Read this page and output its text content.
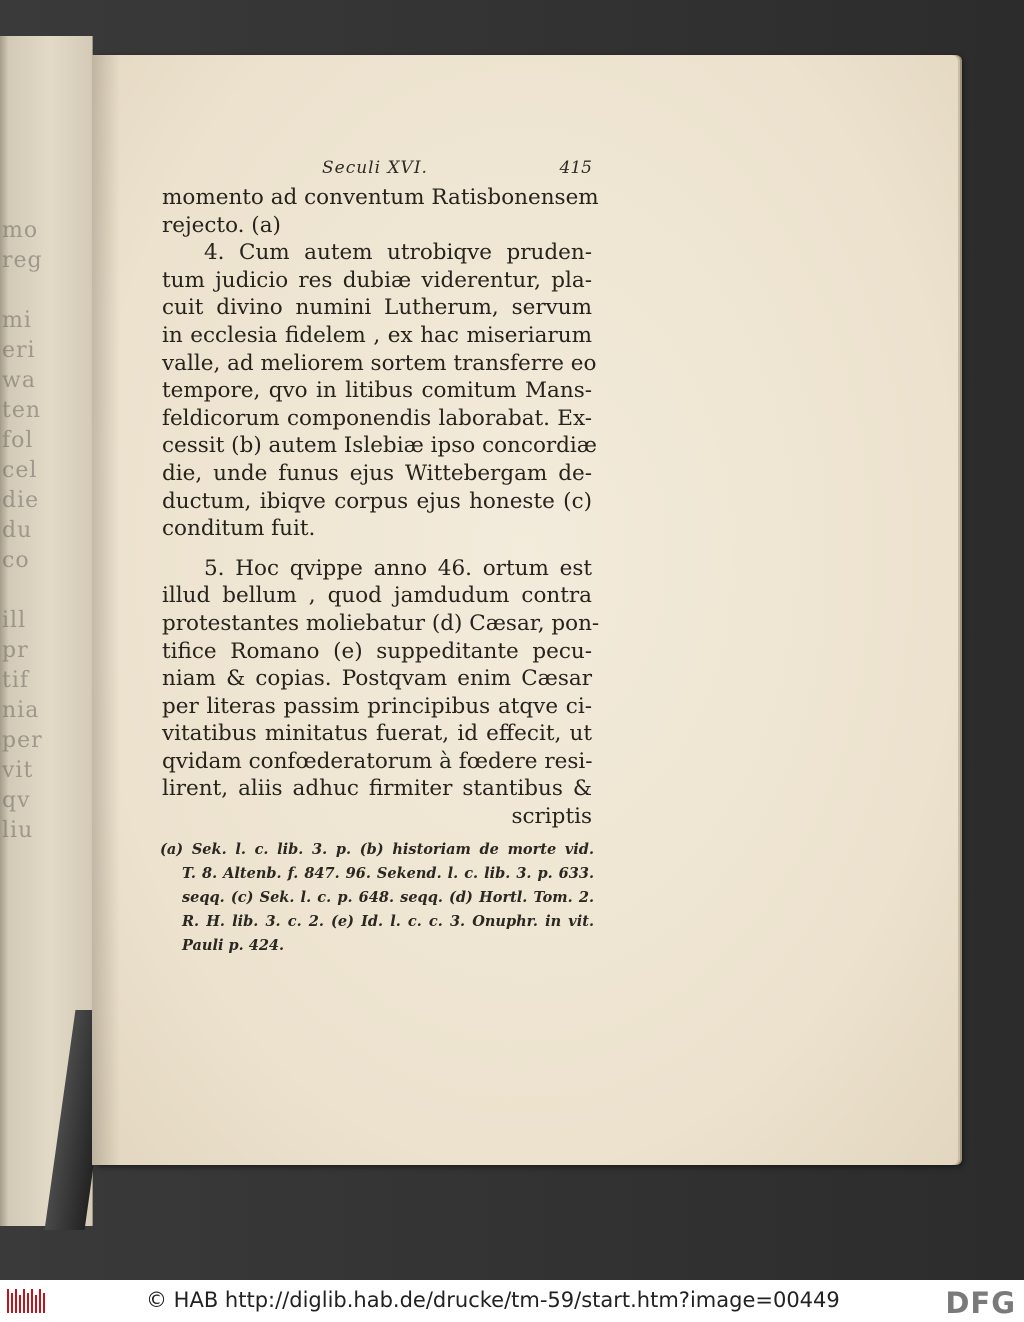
mo
reg

mi
eri
wa
ten
fol
cel
die
du
co

ill
pr
tif
nia
per
vit
qv
liu
Seculi XVI.	415
momento ad conventum Ratisbonensem
rejecto. (a)
4. Cum autem utrobiqve pruden-
tum judicio res dubiæ viderentur, pla-
cuit divino numini Lutherum, servum
in ecclesia fidelem , ex hac miseriarum
valle, ad meliorem sortem transferre eo
tempore, qvo in litibus comitum Mans-
feldicorum componendis laborabat. Ex-
cessit (b) autem Islebiæ ipso concordiæ
die, unde funus ejus Wittebergam de-
ductum, ibiqve corpus ejus honeste (c)
conditum fuit.
5. Hoc qvippe anno 46. ortum est
illud bellum , quod jamdudum contra
protestantes moliebatur (d) Cæsar, pon-
tifice Romano (e) suppeditante pecu-
niam & copias. Postqvam enim Cæsar
per literas passim principibus atqve ci-
vitatibus minitatus fuerat, id effecit, ut
qvidam confœderatorum à fœdere resi-
lirent, aliis adhuc firmiter stantibus &
scriptis
(a) Sek. l. c. lib. 3. p. (b) historiam de morte vid.
T. 8. Altenb. f. 847. 96. Sekend. l. c. lib. 3. p. 633.
seqq. (c) Sek. l. c. p. 648. seqq. (d) Hortl. Tom. 2.
R. H. lib. 3. c. 2. (e) Id. l. c. c. 3. Onuphr. in vit.
Pauli p. 424.
© HAB http://diglib.hab.de/drucke/tm-59/start.htm?image=00449	DFG
